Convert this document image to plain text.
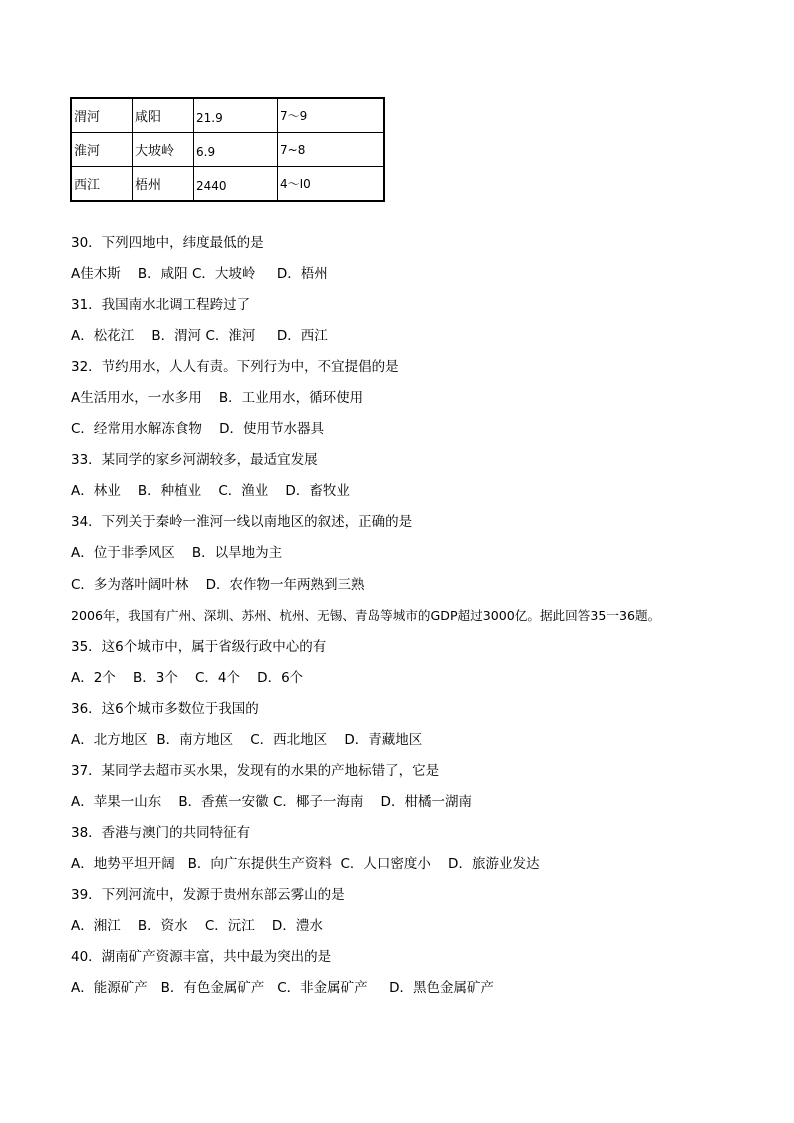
渭河	咸阳	21.9	7～9
淮河	大坡岭	6.9	7~8
西江	梧州	2440	4～I0
30．下列四地中，纬度最低的是
A佳木斯    B．咸阳 C．大坡岭     D．梧州
31．我国南水北调工程跨过了
A．松花江    B．渭河 C．淮河     D．西江
32．节约用水，人人有责。下列行为中，不宜提倡的是
A生活用水，一水多用    B．工业用水，循环使用
C．经常用水解冻食物    D．使用节水器具
33．某同学的家乡河湖较多，最适宜发展
A．林业    B．种植业    C．渔业    D．畜牧业
34．下列关于秦岭一淮河一线以南地区的叙述，正确的是
A．位于非季风区    B．以旱地为主
C．多为落叶阔叶林    D．农作物一年两熟到三熟
2006年，我国有广州、深圳、苏州、杭州、无锡、青岛等城市的GDP超过3000亿。据此回答35一36题。
35．这6个城市中，属于省级行政中心的有
A．2个    B．3个    C．4个    D．6个
36．这6个城市多数位于我国的
A．北方地区  B．南方地区    C．西北地区    D．青藏地区
37．某同学去超市买水果，发现有的水果的产地标错了，它是
A．苹果一山东    B．香蕉一安徽 C．椰子一海南    D．柑橘一湖南
38．香港与澳门的共同特征有
A．地势平坦开阔   B．向广东提供生产资料  C．人口密度小    D．旅游业发达
39．下列河流中，发源于贵州东部云雾山的是
A．湘江    B．资水    C．沅江    D．澧水
40．湖南矿产资源丰富，共中最为突出的是
A．能源矿产   B．有色金属矿产   C．非金属矿产     D．黑色金属矿产
